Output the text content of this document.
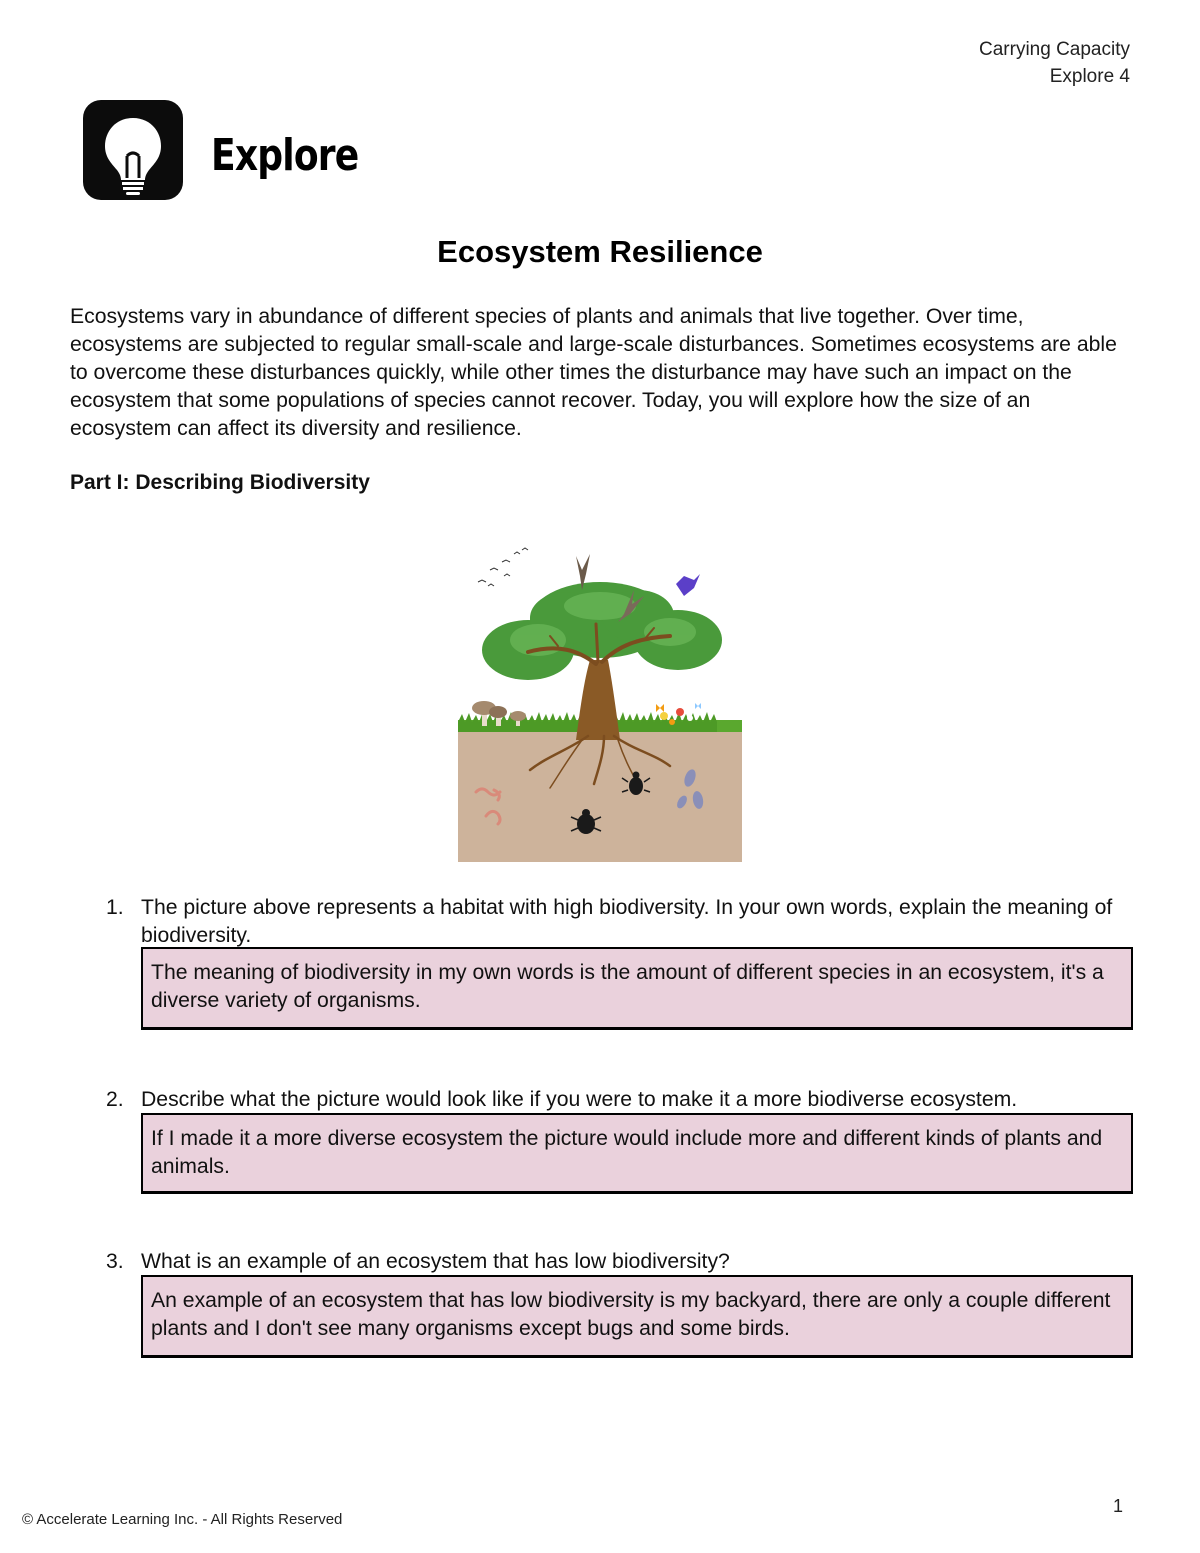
Carrying Capacity
Explore 4
Explore
Ecosystem Resilience
Ecosystems vary in abundance of different species of plants and animals that live together. Over time, ecosystems are subjected to regular small-scale and large-scale disturbances. Sometimes ecosystems are able to overcome these disturbances quickly, while other times the disturbance may have such an impact on the ecosystem that some populations of species cannot recover. Today, you will explore how the size of an ecosystem can affect its diversity and resilience.
Part I: Describing Biodiversity
1. The picture above represents a habitat with high biodiversity. In your own words, explain the meaning of biodiversity.
The meaning of biodiversity in my own words is the amount of different species in an ecosystem, it's a diverse variety of organisms.
2. Describe what the picture would look like if you were to make it a more biodiverse ecosystem.
If I made it a more diverse ecosystem the picture would include more and different kinds of plants and animals.
3. What is an example of an ecosystem that has low biodiversity?
An example of an ecosystem that has low biodiversity is my backyard, there are only a couple different plants and I don't see many organisms except bugs and some birds.
© Accelerate Learning Inc. - All Rights Reserved
1
